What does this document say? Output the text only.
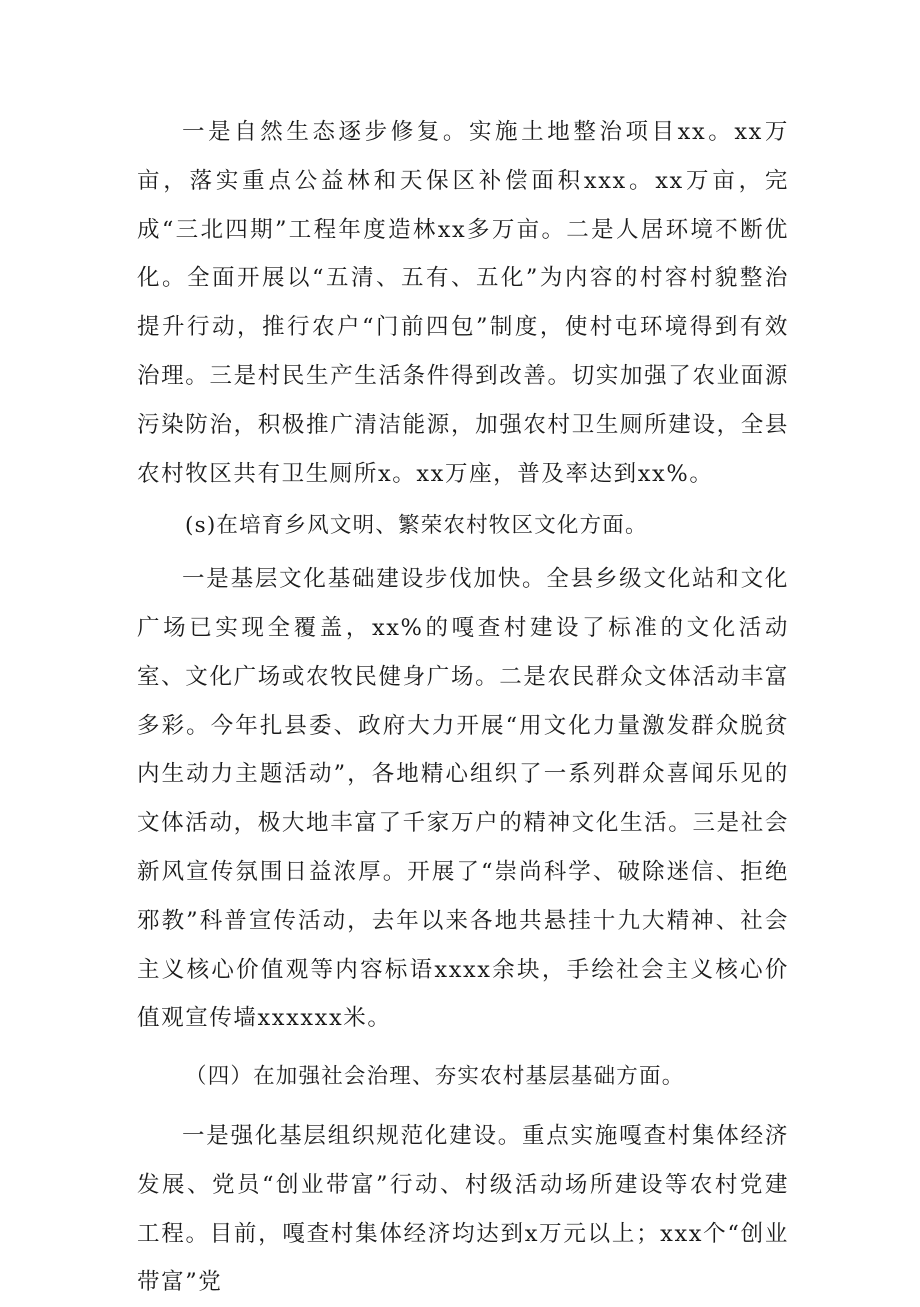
一是自然生态逐步修复。实施土地整治项目xx。xx万亩，落实重点公益林和天保区补偿面积xxx。xx万亩，完成“三北四期”工程年度造林xx多万亩。二是人居环境不断优化。全面开展以“五清、五有、五化”为内容的村容村貌整治提升行动，推行农户“门前四包”制度，使村屯环境得到有效治理。三是村民生产生活条件得到改善。切实加强了农业面源污染防治，积极推广清洁能源，加强农村卫生厕所建设，全县农村牧区共有卫生厕所x。xx万座，普及率达到xx%。

(s)在培育乡风文明、繁荣农村牧区文化方面。

一是基层文化基础建设步伐加快。全县乡级文化站和文化广场已实现全覆盖，xx%的嘎查村建设了标准的文化活动室、文化广场或农牧民健身广场。二是农民群众文体活动丰富多彩。今年扎县委、政府大力开展“用文化力量激发群众脱贫内生动力主题活动”，各地精心组织了一系列群众喜闻乐见的文体活动，极大地丰富了千家万户的精神文化生活。三是社会新风宣传氛围日益浓厚。开展了“崇尚科学、破除迷信、拒绝邪教”科普宣传活动，去年以来各地共悬挂十九大精神、社会主义核心价值观等内容标语xxxx余块，手绘社会主义核心价值观宣传墙xxxxxx米。

（四）在加强社会治理、夯实农村基层基础方面。

一是强化基层组织规范化建设。重点实施嘎查村集体经济发展、党员“创业带富”行动、村级活动场所建设等农村党建工程。目前，嘎查村集体经济均达到x万元以上；xxx个“创业带富”党
